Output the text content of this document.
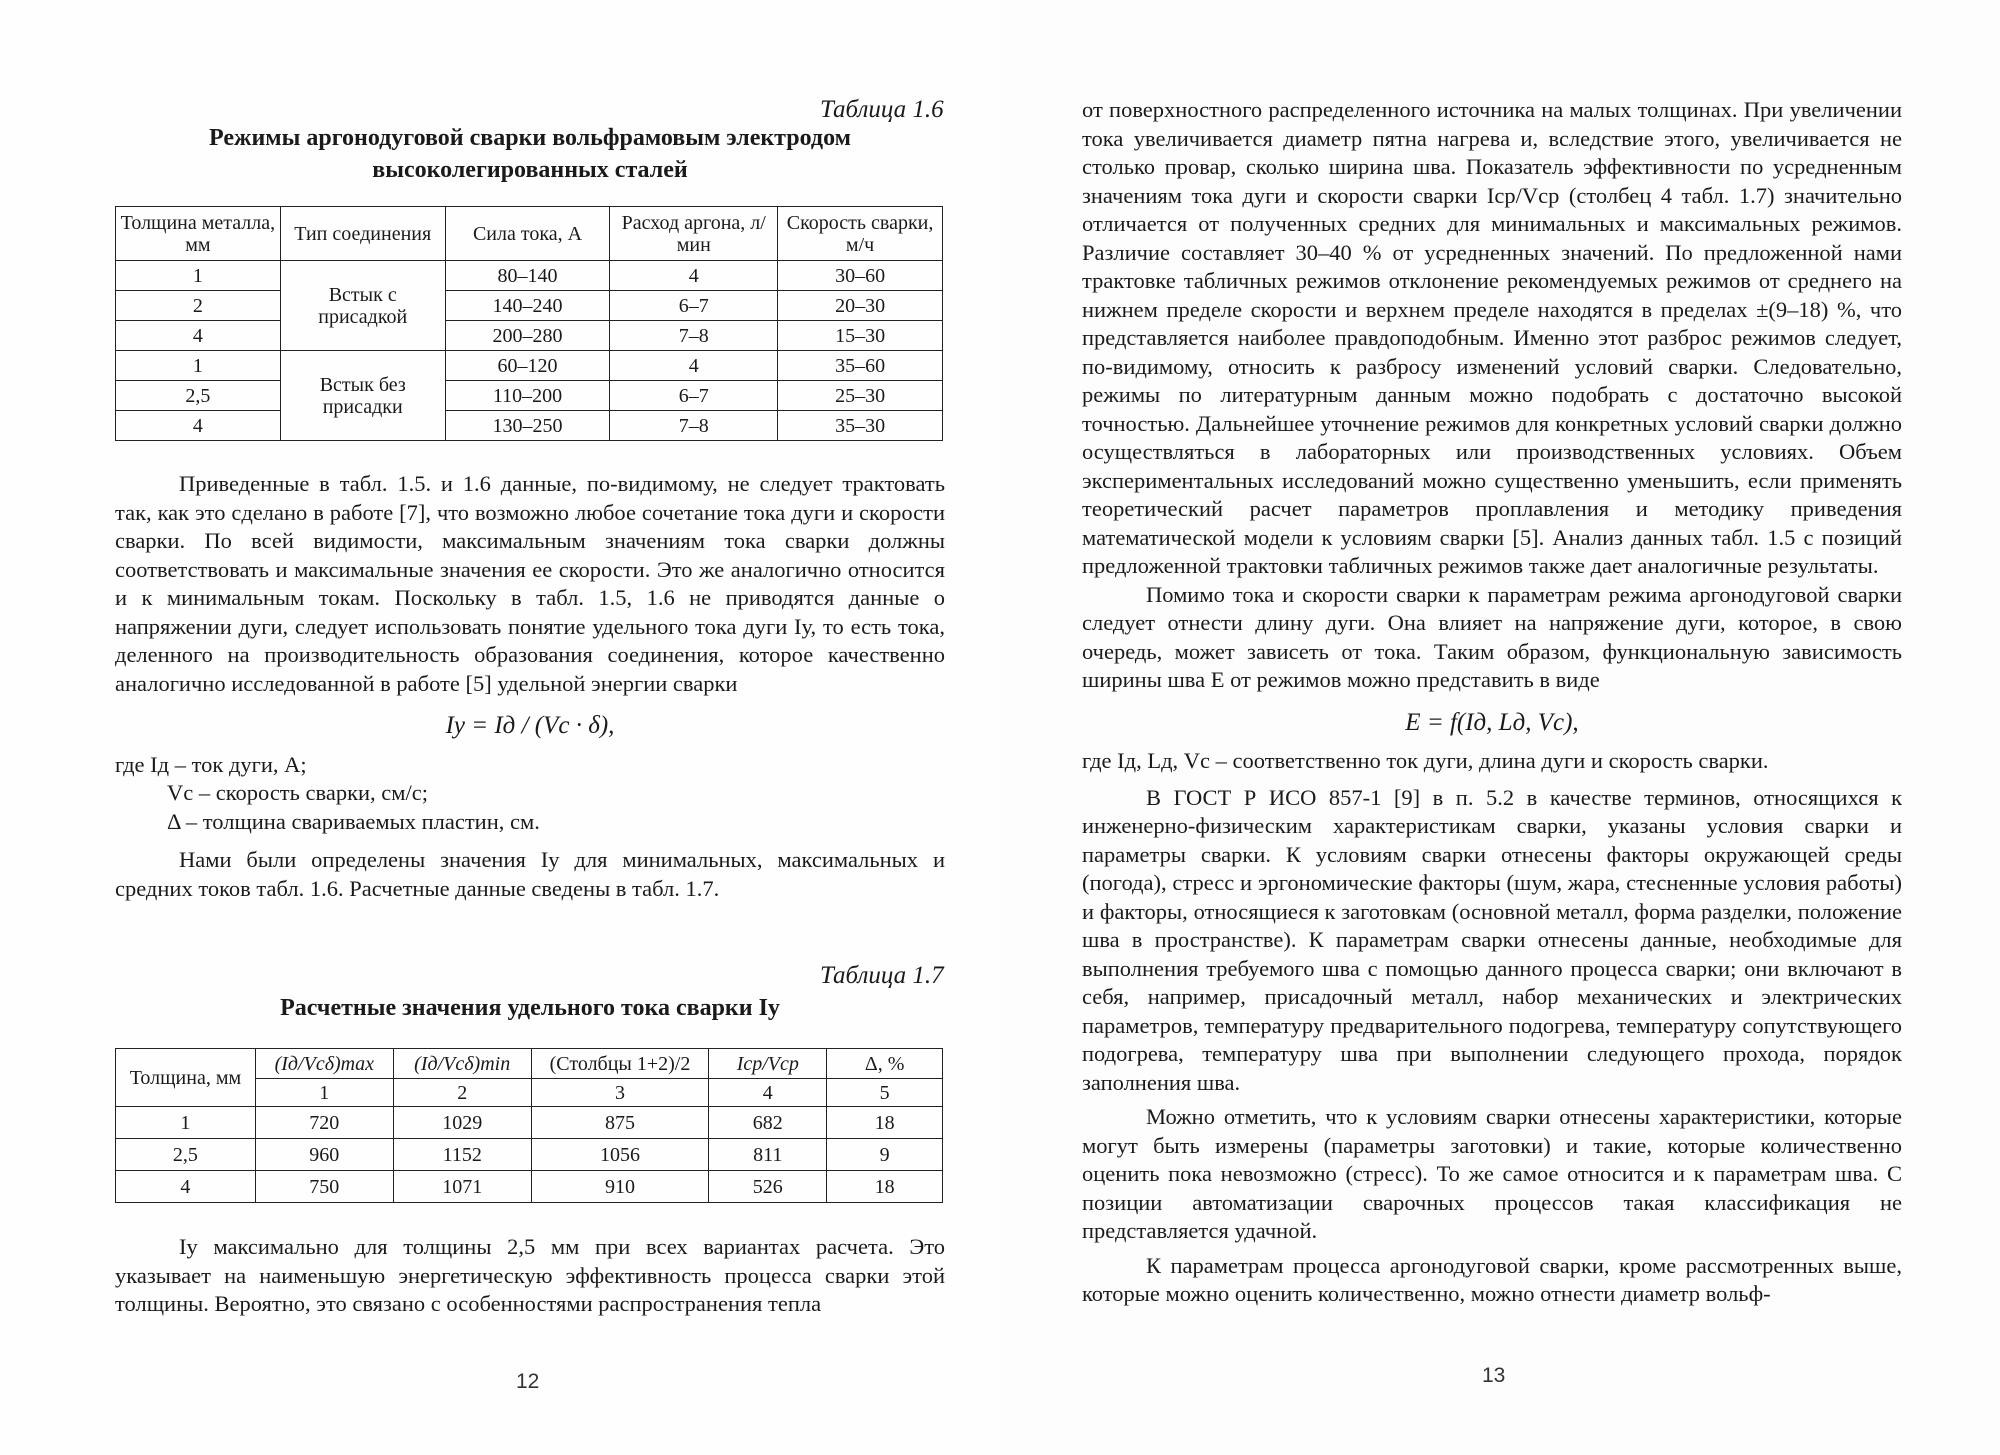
Таблица 1.6
Режимы аргонодуговой сварки вольфрамовым электродом
высоколегированных сталей
Толщина металла, мм	Тип соединения	Сила тока, А	Расход аргона, л/мин	Скорость сварки, м/ч
1	Встык с присадкой	80–140	4	30–60
2		140–240	6–7	20–30
4		200–280	7–8	15–30
1	Встык без присадки	60–120	4	35–60
2,5		110–200	6–7	25–30
4		130–250	7–8	35–30

Приведенные в табл. 1.5. и 1.6 данные, по-видимому, не следует трактовать так, как это сделано в работе [7], что возможно любое сочетание тока дуги и скорости сварки. По всей видимости, максимальным значениям тока сварки должны соответствовать и максимальные значения ее скорости. Это же аналогично относится и к минимальным токам. Поскольку в табл. 1.5, 1.6 не приводятся данные о напряжении дуги, следует использовать понятие удельного тока дуги Iу, то есть тока, деленного на производительность образования соединения, которое качественно аналогично исследованной в работе [5] удельной энергии сварки

Iу = Iд / (Vс · δ),

где Iд – ток дуги, А;

Vс – скорость сварки, см/с;

Δ – толщина свариваемых пластин, см.

Нами были определены значения Iу для минимальных, максимальных и средних токов табл. 1.6. Расчетные данные сведены в табл. 1.7.

Таблица 1.7
Расчетные значения удельного тока сварки Iу
Толщина, мм	(Iд/Vсδ)max	(Iд/Vсδ)min	(Столбцы 1+2)/2	Iср/Vср	Δ, %
	1	2	3	4	5
1	720	1029	875	682	18
2,5	960	1152	1056	811	9
4	750	1071	910	526	18

Iу максимально для толщины 2,5 мм при всех вариантах расчета. Это указывает на наименьшую энергетическую эффективность процесса сварки этой толщины. Вероятно, это связано с особенностями распространения тепла

12

от поверхностного распределенного источника на малых толщинах. При увеличении тока увеличивается диаметр пятна нагрева и, вследствие этого, увеличивается не столько провар, сколько ширина шва. Показатель эффективности по усредненным значениям тока дуги и скорости сварки Iср/Vср (столбец 4 табл. 1.7) значительно отличается от полученных средних для минимальных и максимальных режимов. Различие составляет 30–40 % от усредненных значений. По предложенной нами трактовке табличных режимов отклонение рекомендуемых режимов от среднего на нижнем пределе скорости и верхнем пределе находятся в пределах ±(9–18) %, что представляется наиболее правдоподобным. Именно этот разброс режимов следует, по-видимому, относить к разбросу изменений условий сварки. Следовательно, режимы по литературным данным можно подобрать с достаточно высокой точностью. Дальнейшее уточнение режимов для конкретных условий сварки должно осуществляться в лабораторных или производственных условиях. Объем экспериментальных исследований можно существенно уменьшить, если применять теоретический расчет параметров проплавления и методику приведения математической модели к условиям сварки [5]. Анализ данных табл. 1.5 с позиций предложенной трактовки табличных режимов также дает аналогичные результаты.

Помимо тока и скорости сварки к параметрам режима аргонодуговой сварки следует отнести длину дуги. Она влияет на напряжение дуги, которое, в свою очередь, может зависеть от тока. Таким образом, функциональную зависимость ширины шва E от режимов можно представить в виде

E = f(Iд, Lд, Vс),

где Iд, Lд, Vс – соответственно ток дуги, длина дуги и скорость сварки.

В ГОСТ Р ИСО 857-1 [9] в п. 5.2 в качестве терминов, относящихся к инженерно-физическим характеристикам сварки, указаны условия сварки и параметры сварки. К условиям сварки отнесены факторы окружающей среды (погода), стресс и эргономические факторы (шум, жара, стесненные условия работы) и факторы, относящиеся к заготовкам (основной металл, форма разделки, положение шва в пространстве). К параметрам сварки отнесены данные, необходимые для выполнения требуемого шва с помощью данного процесса сварки; они включают в себя, например, присадочный металл, набор механических и электрических параметров, температуру предварительного подогрева, температуру сопутствующего подогрева, температуру шва при выполнении следующего прохода, порядок заполнения шва.

Можно отметить, что к условиям сварки отнесены характеристики, которые могут быть измерены (параметры заготовки) и такие, которые количественно оценить пока невозможно (стресс). То же самое относится и к параметрам шва. С позиции автоматизации сварочных процессов такая классификация не представляется удачной.

К параметрам процесса аргонодуговой сварки, кроме рассмотренных выше, которые можно оценить количественно, можно отнести диаметр вольф-

13
